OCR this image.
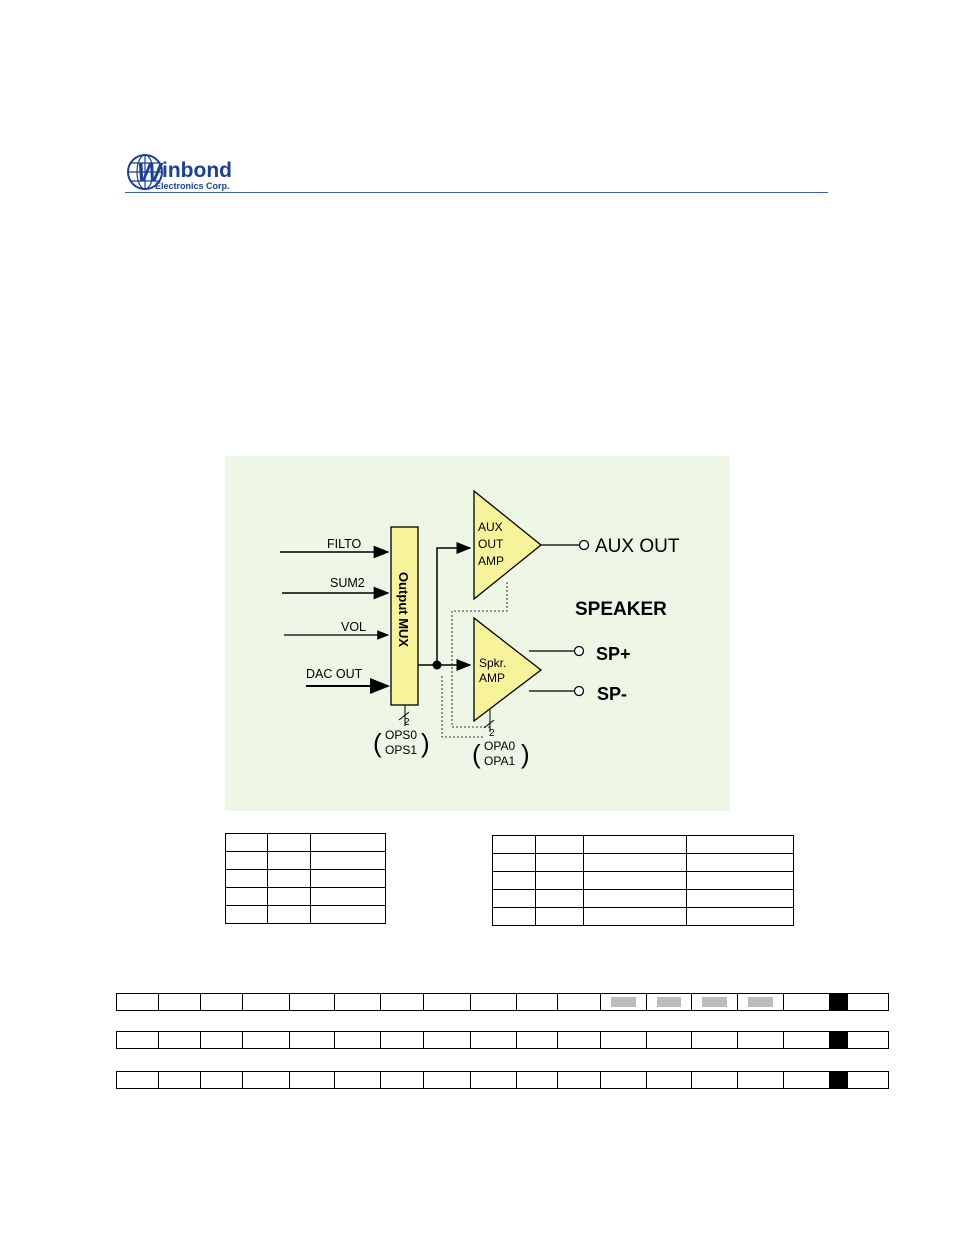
W inbond
Electronics Corp.
FILTO
SUM2
VOL
DAC OUT
Output MUX
2
( )
OPS0
OPS1
AUX
OUT
AMP
AUX OUT
SPEAKER
Spkr.
AMP
SP+
SP-
2
( )
OPA0
OPA1
